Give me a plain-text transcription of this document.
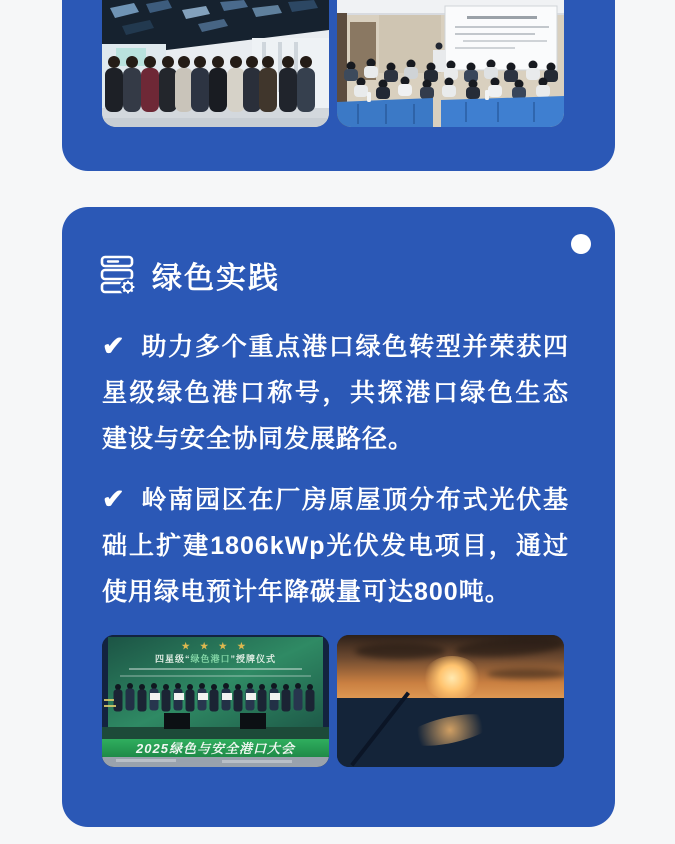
绿色实践

✔ 助力多个重点港口绿色转型并荣获四星级绿色港口称号，共探港口绿色生态建设与安全协同发展路径。

✔ 岭南园区在厂房原屋顶分布式光伏基础上扩建1806kWp光伏发电项目，通过使用绿电预计年降碳量可达800吨。

★ ★ ★ ★
四星级“绿色港口”授牌仪式
2025绿色与安全港口大会
